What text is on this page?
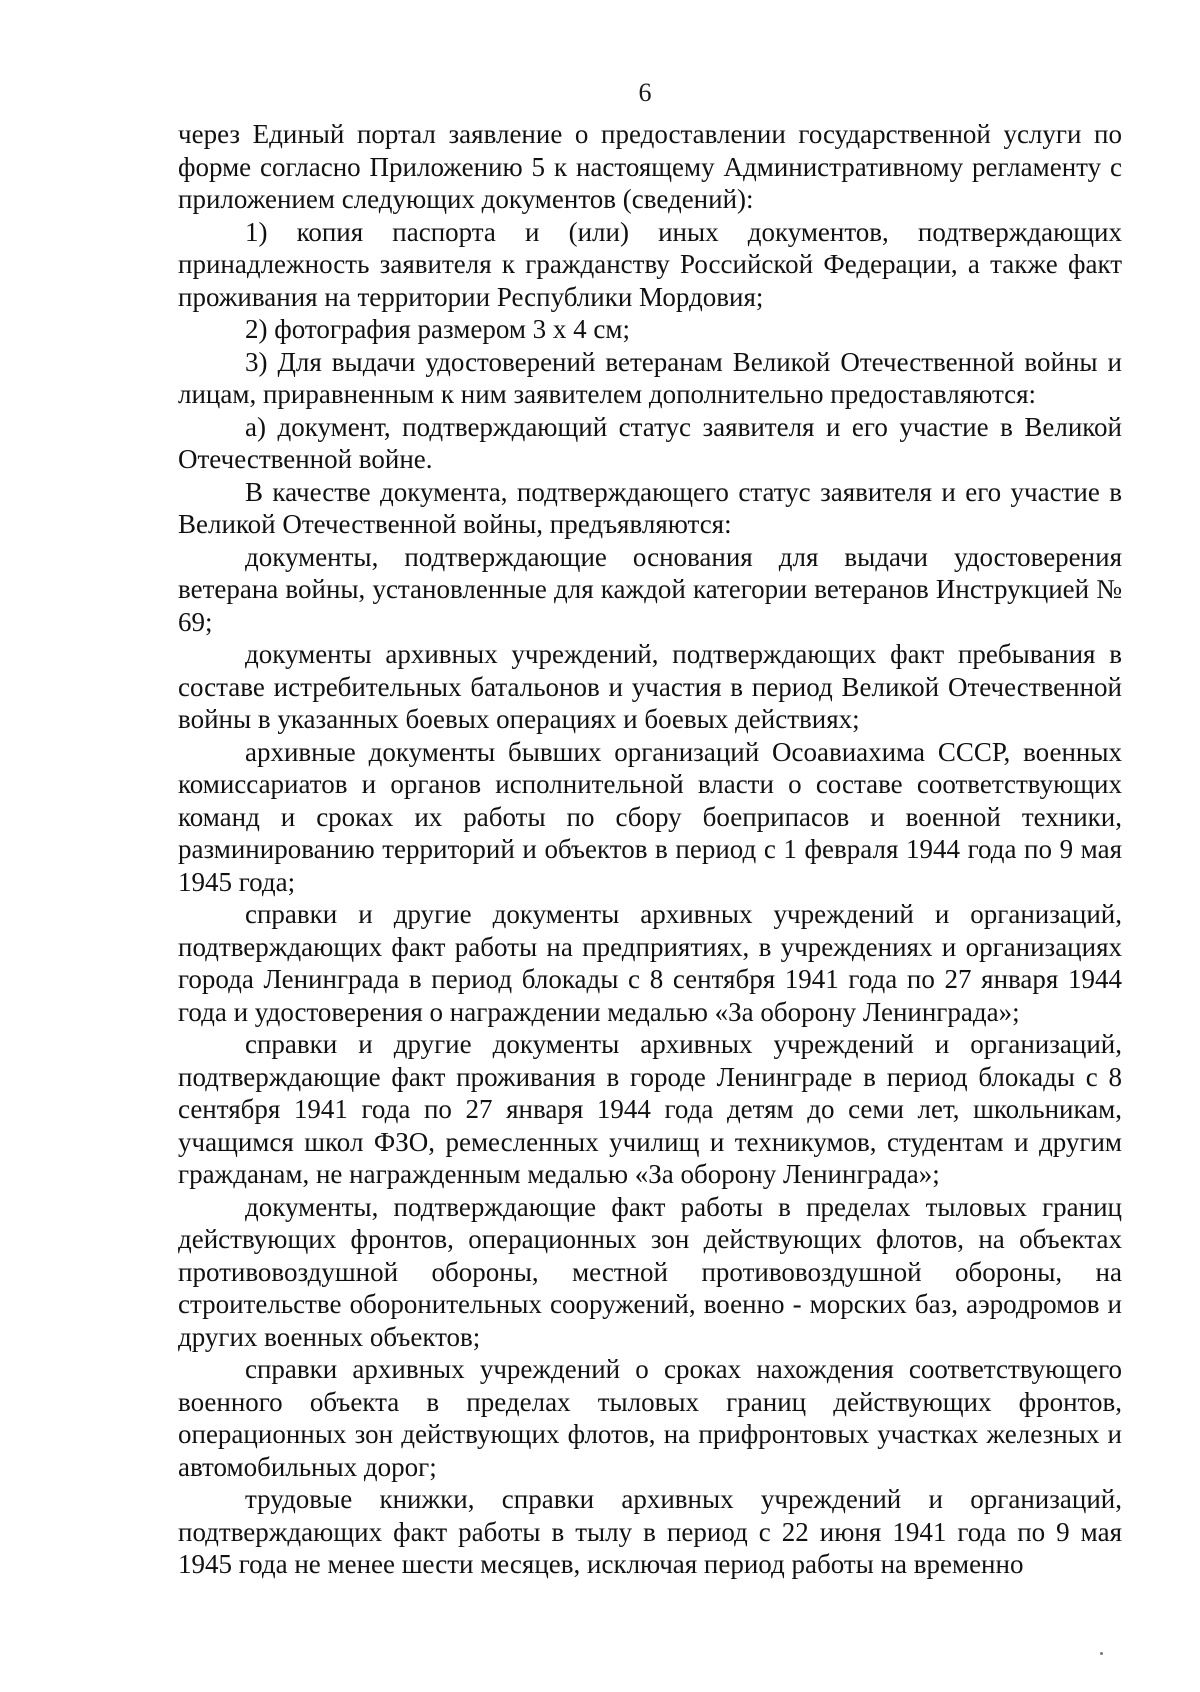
6

через Единый портал заявление о предоставлении государственной услуги по форме согласно Приложению 5 к настоящему Административному регламенту с приложением следующих документов (сведений):

1) копия паспорта и (или) иных документов, подтверждающих принадлежность заявителя к гражданству Российской Федерации, а также факт проживания на территории Республики Мордовия;

2) фотография размером 3 х 4 см;

3) Для выдачи удостоверений ветеранам Великой Отечественной войны и лицам, приравненным к ним заявителем дополнительно предоставляются:

а) документ, подтверждающий статус заявителя и его участие в Великой Отечественной войне.

В качестве документа, подтверждающего статус заявителя и его участие в Великой Отечественной войны, предъявляются:

документы, подтверждающие основания для выдачи удостоверения ветерана войны, установленные для каждой категории ветеранов Инструкцией № 69;

документы архивных учреждений, подтверждающих факт пребывания в составе истребительных батальонов и участия в период Великой Отечественной войны в указанных боевых операциях и боевых действиях;

архивные документы бывших организаций Осоавиахима СССР, военных комиссариатов и органов исполнительной власти о составе соответствующих команд и сроках их работы по сбору боеприпасов и военной техники, разминированию территорий и объектов в период с 1 февраля 1944 года по 9 мая 1945 года;

справки и другие документы архивных учреждений и организаций, подтверждающих факт работы на предприятиях, в учреждениях и организациях города Ленинграда в период блокады с 8 сентября 1941 года по 27 января 1944 года и удостоверения о награждении медалью «За оборону Ленинграда»;

справки и другие документы архивных учреждений и организаций, подтверждающие факт проживания в городе Ленинграде в период блокады с 8 сентября 1941 года по 27 января 1944 года детям до семи лет, школьникам, учащимся школ ФЗО, ремесленных училищ и техникумов, студентам и другим гражданам, не награжденным медалью «За оборону Ленинграда»;

документы, подтверждающие факт работы в пределах тыловых границ действующих фронтов, операционных зон действующих флотов, на объектах противовоздушной обороны, местной противовоздушной обороны, на строительстве оборонительных сооружений, военно - морских баз, аэродромов и других военных объектов;

справки архивных учреждений о сроках нахождения соответствующего военного объекта в пределах тыловых границ действующих фронтов, операционных зон действующих флотов, на прифронтовых участках железных и автомобильных дорог;

трудовые книжки, справки архивных учреждений и организаций, подтверждающих факт работы в тылу в период с 22 июня 1941 года по 9 мая 1945 года не менее шести месяцев, исключая период работы на временно
